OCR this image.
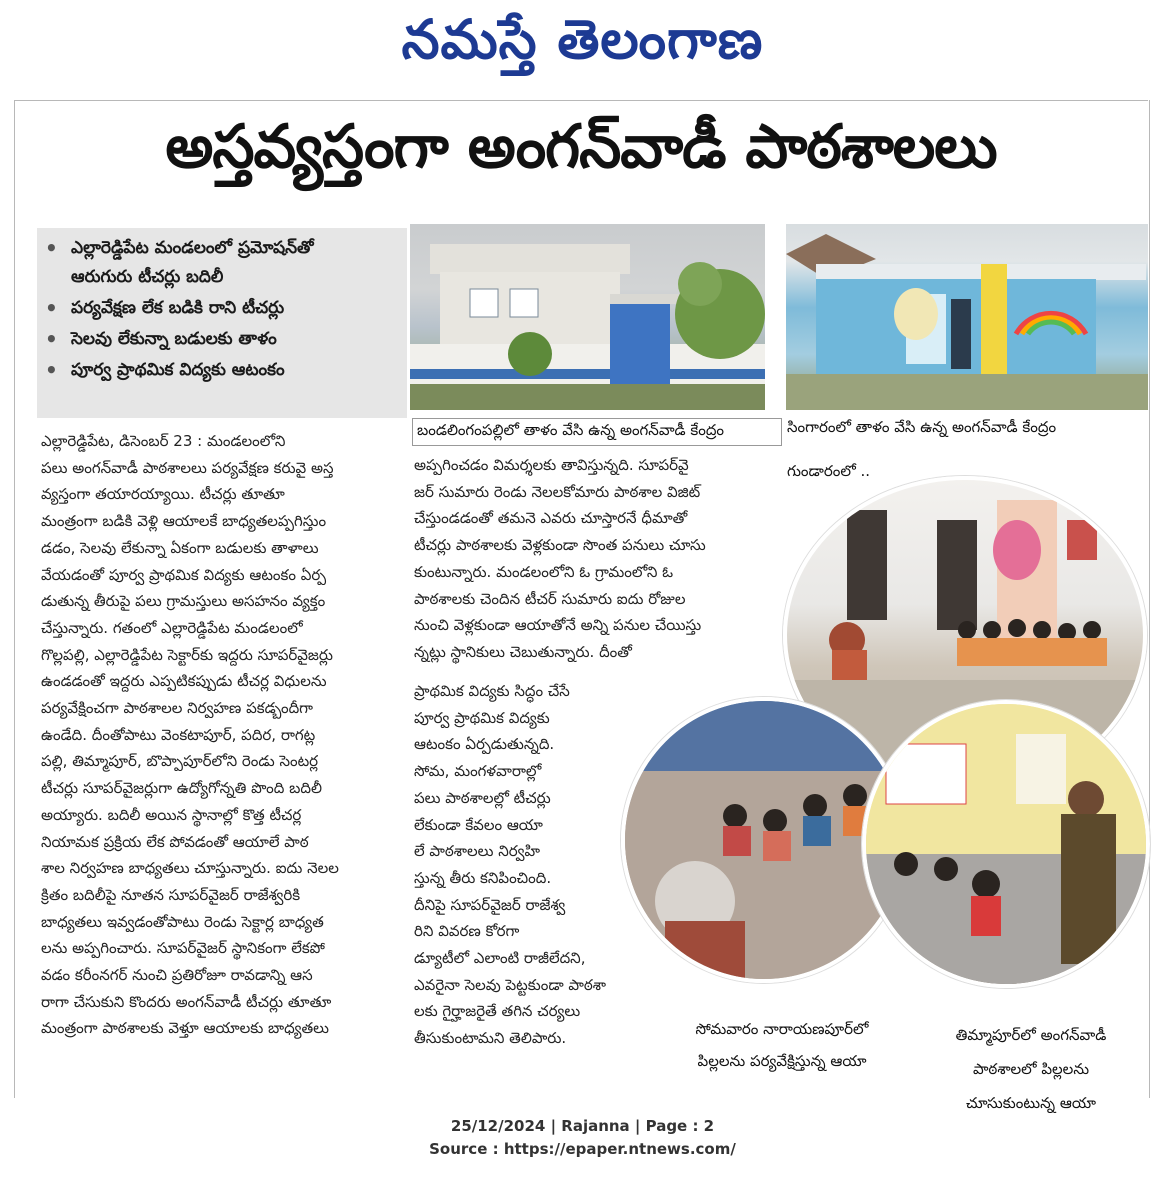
నమస్తే తెలంగాణ
అస్తవ్యస్తంగా అంగన్‌వాడీ పాఠశాలలు
• ఎల్లారెడ్డిపేట మండలంలో ప్రమోషన్‌తో
ఆరుగురు టీచర్లు బదిలీ
• పర్యవేక్షణ లేక బడికి రాని టీచర్లు
• సెలవు లేకున్నా బడులకు తాళం
• పూర్వ ప్రాథమిక విద్యకు ఆటంకం
ఎల్లారెడ్డిపేట, డిసెంబర్ 23 : మండలంలోని
పలు అంగన్‌వాడీ పాఠశాలలు పర్యవేక్షణ కరువై అస్త
వ్యస్తంగా తయారయ్యాయి. టీచర్లు తూతూ
మంత్రంగా బడికి వెళ్లి ఆయాలకే బాధ్యతలప్పగిస్తుం
డడం, సెలవు లేకున్నా ఏకంగా బడులకు తాళాలు
వేయడంతో పూర్వ ప్రాథమిక విద్యకు ఆటంకం ఏర్ప
డుతున్న తీరుపై పలు గ్రామస్తులు అసహనం వ్యక్తం
చేస్తున్నారు. గతంలో ఎల్లారెడ్డిపేట మండలంలో
గొల్లపల్లి, ఎల్లారెడ్డిపేట సెక్టార్‌కు ఇద్దరు సూపర్‌వైజర్లు
ఉండడంతో ఇద్దరు ఎప్పటికప్పుడు టీచర్ల విధులను
పర్యవేక్షించగా పాఠశాలల నిర్వహణ పకడ్బందీగా
ఉండేది. దీంతోపాటు వెంకటాపూర్, పదిర, రాగట్ల
పల్లి, తిమ్మాపూర్, బొప్పాపూర్‌లోని రెండు సెంటర్ల
టీచర్లు సూపర్‌వైజర్లుగా ఉద్యోగోన్నతి పొంది బదిలీ
అయ్యారు. బదిలీ అయిన స్థానాల్లో కొత్త టీచర్ల
నియామక ప్రక్రియ లేక పోవడంతో ఆయాలే పాఠ
శాల నిర్వహణ బాధ్యతలు చూస్తున్నారు. ఐదు నెలల
క్రితం బదిలీపై నూతన సూపర్‌వైజర్ రాజేశ్వరికి
బాధ్యతలు ఇవ్వడంతోపాటు రెండు సెక్టార్ల బాధ్యత
లను అప్పగించారు. సూపర్‌వైజర్ స్థానికంగా లేకపో
వడం కరీంనగర్ నుంచి ప్రతిరోజూ రావడాన్ని ఆస
రాగా చేసుకుని కొందరు అంగన్‌వాడీ టీచర్లు తూతూ
మంత్రంగా పాఠశాలకు వెళ్తూ ఆయాలకు బాధ్యతలు
అప్పగించడం విమర్శలకు తావిస్తున్నది. సూపర్‌వై
జర్ సుమారు రెండు నెలలకోమారు పాఠశాల విజిట్
చేస్తుండడంతో తమనె ఎవరు చూస్తారనే ధీమాతో
టీచర్లు పాఠశాలకు వెళ్లకుండా సొంత పనులు చూసు
కుంటున్నారు. మండలంలోని ఓ గ్రామంలోని ఓ
పాఠశాలకు చెందిన టీచర్ సుమారు ఐదు రోజుల
నుంచి వెళ్లకుండా ఆయాతోనే అన్ని పనుల చేయిస్తు
న్నట్లు స్థానికులు చెబుతున్నారు. దీంతో
ప్రాథమిక విద్యకు సిద్ధం చేసే
పూర్వ ప్రాథమిక విద్యకు
ఆటంకం ఏర్పడుతున్నది.
సోమ, మంగళవారాల్లో
పలు పాఠశాలల్లో టీచర్లు
లేకుండా కేవలం ఆయా
లే పాఠశాలలు నిర్వహి
స్తున్న తీరు కనిపించింది.
దీనిపై సూపర్‌వైజర్ రాజేశ్వ
రిని వివరణ కోరగా
డ్యూటీలో ఎలాంటి రాజీలేదని,
ఎవరైనా సెలవు పెట్టకుండా పాఠశా
లకు గైర్హాజరైతే తగిన చర్యలు
తీసుకుంటామని తెలిపారు.
బండలింగంపల్లిలో తాళం వేసి ఉన్న అంగన్‌వాడీ కేంద్రం	సింగారంలో తాళం వేసి ఉన్న అంగన్‌వాడీ కేంద్రం
గుండారంలో ..
సోమవారం నారాయణపూర్‌లో
పిల్లలను పర్యవేక్షిస్తున్న ఆయా
తిమ్మాపూర్‌లో అంగన్‌వాడీ
పాఠశాలలో పిల్లలను
చూసుకుంటున్న ఆయా
25/12/2024 | Rajanna | Page : 2
Source : https://epaper.ntnews.com/
